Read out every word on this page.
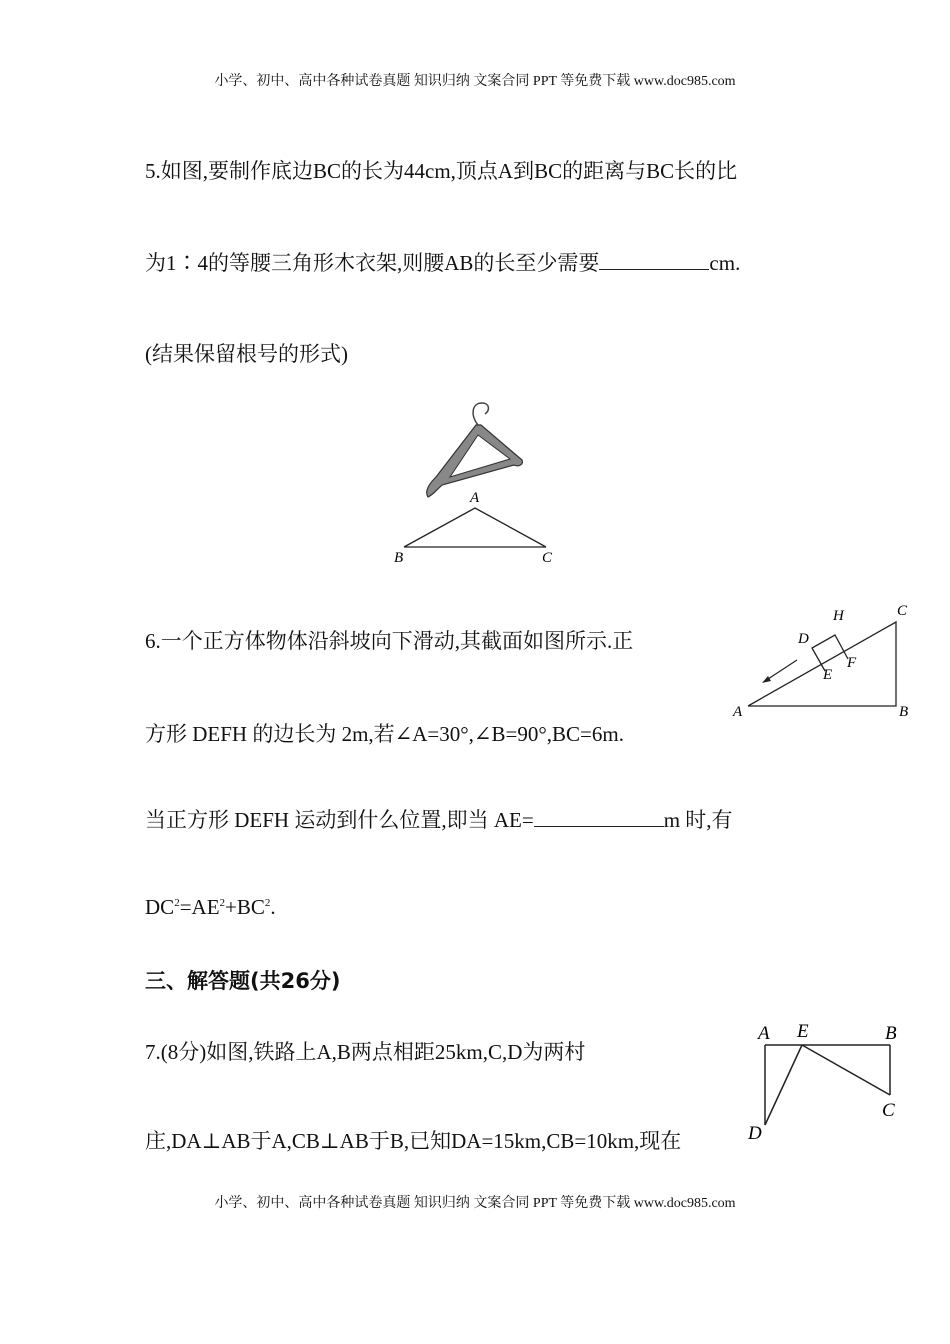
小学、初中、高中各种试卷真题 知识归纳 文案合同 PPT 等免费下载 www.doc985.com
5.如图,要制作底边BC的长为44cm,顶点A到BC的距离与BC长的比
为1∶4的等腰三角形木衣架,则腰AB的长至少需要	cm.
(结果保留根号的形式)
A
B	C
6.一个正方体物体沿斜坡向下滑动,其截面如图所示.正
方形 DEFH 的边长为 2m,若∠A=30°,∠B=90°,BC=6m.
当正方形 DEFH 运动到什么位置,即当 AE=	m 时,有
$DC^2=AE^2+BC^2$.
A	B
C
D
E
F
H
三、解答题(共26分)
7.(8分)如图,铁路上A,B两点相距25km,C,D为两村
庄,DA⊥AB于A,CB⊥AB于B,已知DA=15km,CB=10km,现在
A E	B
C
D
小学、初中、高中各种试卷真题 知识归纳 文案合同 PPT 等免费下载 www.doc985.com
